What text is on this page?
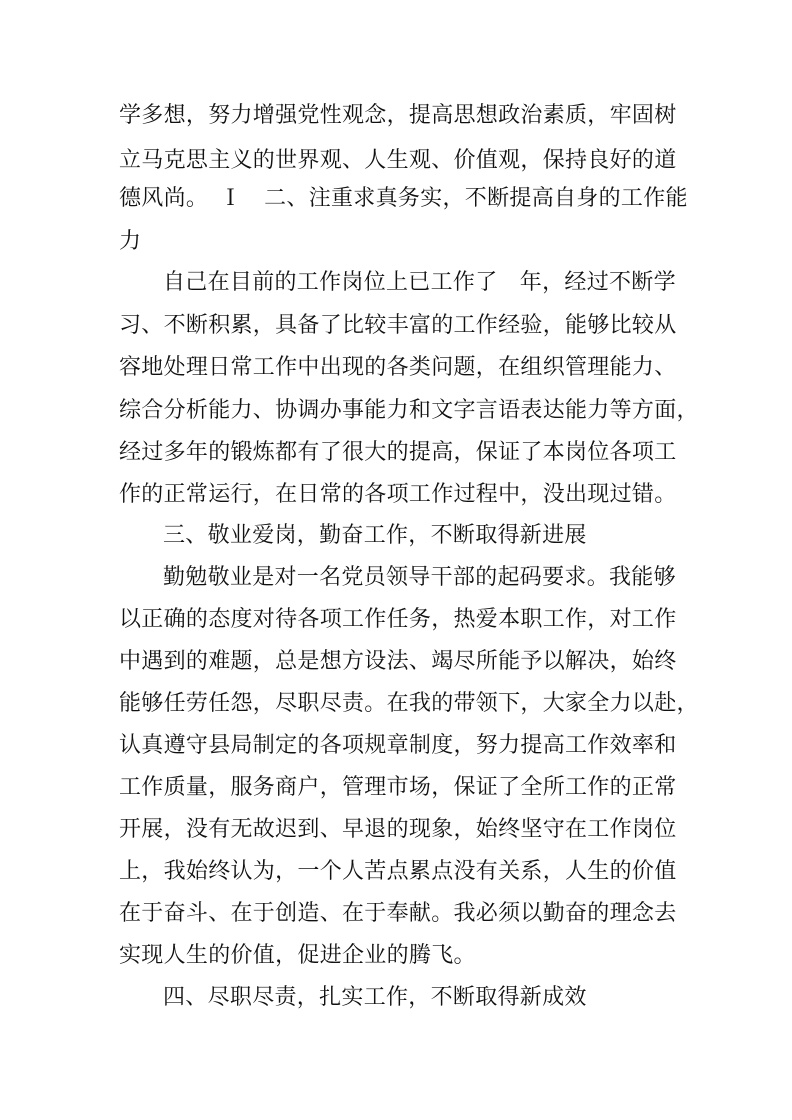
学多想，努力增强党性观念，提高思想政治素质，牢固树
立马克思主义的世界观、人生观、价值观，保持良好的道
德风尚。　Ｉ　二、注重求真务实，不断提高自身的工作能
力
自己在目前的工作岗位上已工作了　年，经过不断学
习、不断积累，具备了比较丰富的工作经验，能够比较从
容地处理日常工作中出现的各类问题，在组织管理能力、
综合分析能力、协调办事能力和文字言语表达能力等方面，
经过多年的锻炼都有了很大的提高，保证了本岗位各项工
作的正常运行，在日常的各项工作过程中，没出现过错。
三、敬业爱岗，勤奋工作，不断取得新进展
勤勉敬业是对一名党员领导干部的起码要求。我能够
以正确的态度对待各项工作任务，热爱本职工作，对工作
中遇到的难题，总是想方设法、竭尽所能予以解决，始终
能够任劳任怨，尽职尽责。在我的带领下，大家全力以赴，
认真遵守县局制定的各项规章制度，努力提高工作效率和
工作质量，服务商户，管理市场，保证了全所工作的正常
开展，没有无故迟到、早退的现象，始终坚守在工作岗位
上，我始终认为，一个人苦点累点没有关系，人生的价值
在于奋斗、在于创造、在于奉献。我必须以勤奋的理念去
实现人生的价值，促进企业的腾飞。
四、尽职尽责，扎实工作，不断取得新成效
